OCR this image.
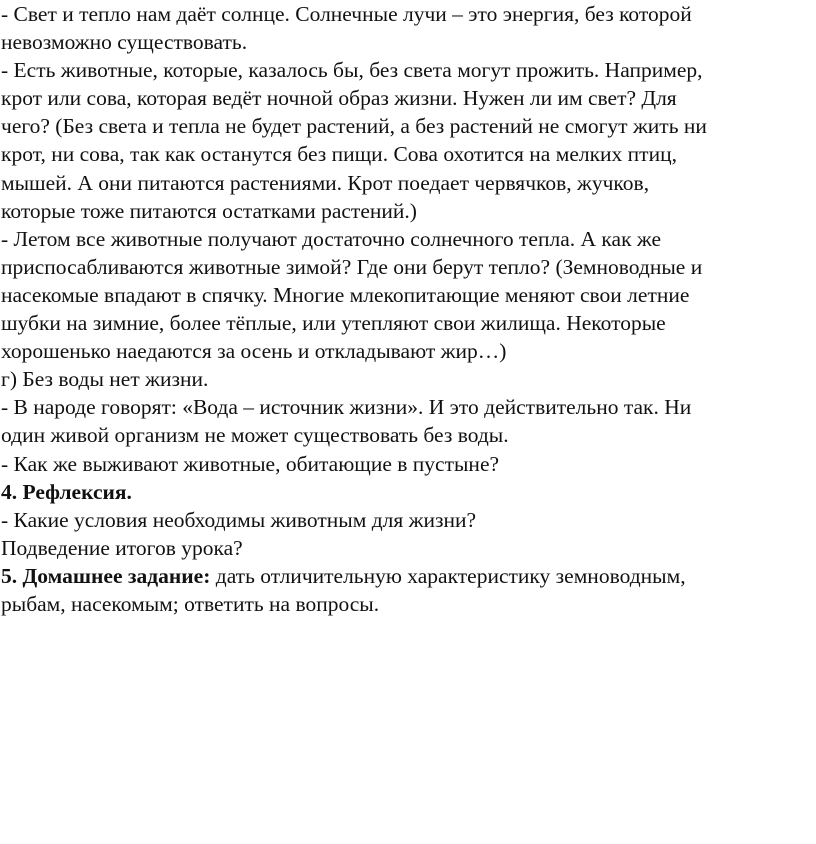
- Свет и тепло нам даёт солнце. Солнечные лучи – это энергия, без которой
невозможно существовать.
- Есть животные, которые, казалось бы, без света могут прожить. Например,
крот или сова, которая ведёт ночной образ жизни. Нужен ли им свет? Для
чего? (Без света и тепла не будет растений, а без растений не смогут жить ни
крот, ни сова, так как останутся без пищи. Сова охотится на мелких птиц,
мышей. А они питаются растениями. Крот поедает червячков, жучков,
которые тоже питаются остатками растений.)
- Летом все животные получают достаточно солнечного тепла. А как же
приспосабливаются животные зимой? Где они берут тепло? (Земноводные и
насекомые впадают в спячку. Многие млекопитающие меняют свои летние
шубки на зимние, более тёплые, или утепляют свои жилища. Некоторые
хорошенько наедаются за осень и откладывают жир…)
г) Без воды нет жизни.
- В народе говорят: «Вода – источник жизни». И это действительно так. Ни
один живой организм не может существовать без воды.
- Как же выживают животные, обитающие в пустыне?
4. Рефлексия.
- Какие условия необходимы животным для жизни?
Подведение итогов урока?
5. Домашнее задание: дать отличительную характеристику земноводным,
рыбам, насекомым; ответить на вопросы.
